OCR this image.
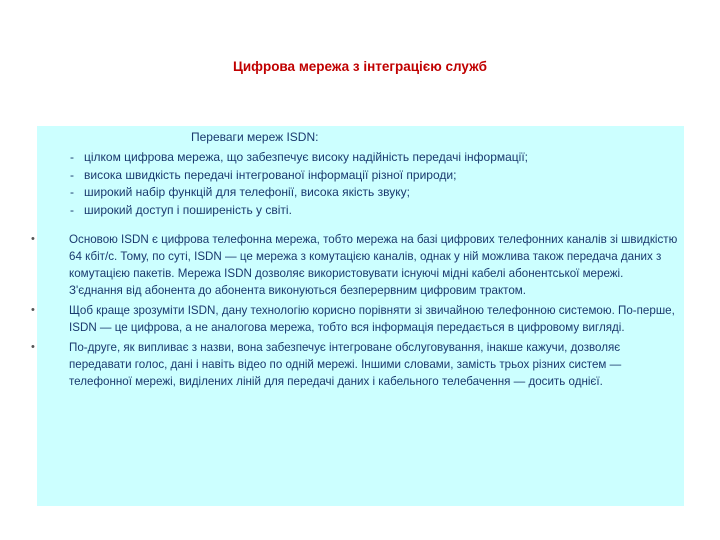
Цифрова мережа з інтеграцією служб
Переваги мереж ISDN:
- цілком цифрова мережа, що забезпечує високу надійність передачі інформації;
- висока швидкість передачі інтегрованої інформації різної природи;
- широкий набір функцій для телефонії, висока якість звуку;
- широкий доступ і поширеність у світі.
•	Основою ISDN є цифрова телефонна мережа, тобто мережа на базі цифрових телефонних каналів зі швидкістю 64 кбіт/с. Тому, по суті, ISDN — це мережа з комутацією каналів, однак у ній можлива також передача даних з комутацією пакетів. Мережа ISDN дозволяє використовувати існуючі мідні кабелі абонентської мережі. З'єднання від абонента до абонента виконуються безперервним цифровим трактом.
•	Щоб краще зрозуміти ISDN, дану технологію корисно порівняти зі звичайною телефонною системою. По-перше, ISDN — це цифрова, а не аналогова мережа, тобто вся інформація передається в цифровому вигляді.
•	По-друге, як випливає з назви, вона забезпечує інтегроване обслуговування, інакше кажучи, дозволяє передавати голос, дані і навіть відео по одній мережі. Іншими словами, замість трьох різних систем — телефонної мережі, виділених ліній для передачі даних і кабельного телебачення — досить однієї.
